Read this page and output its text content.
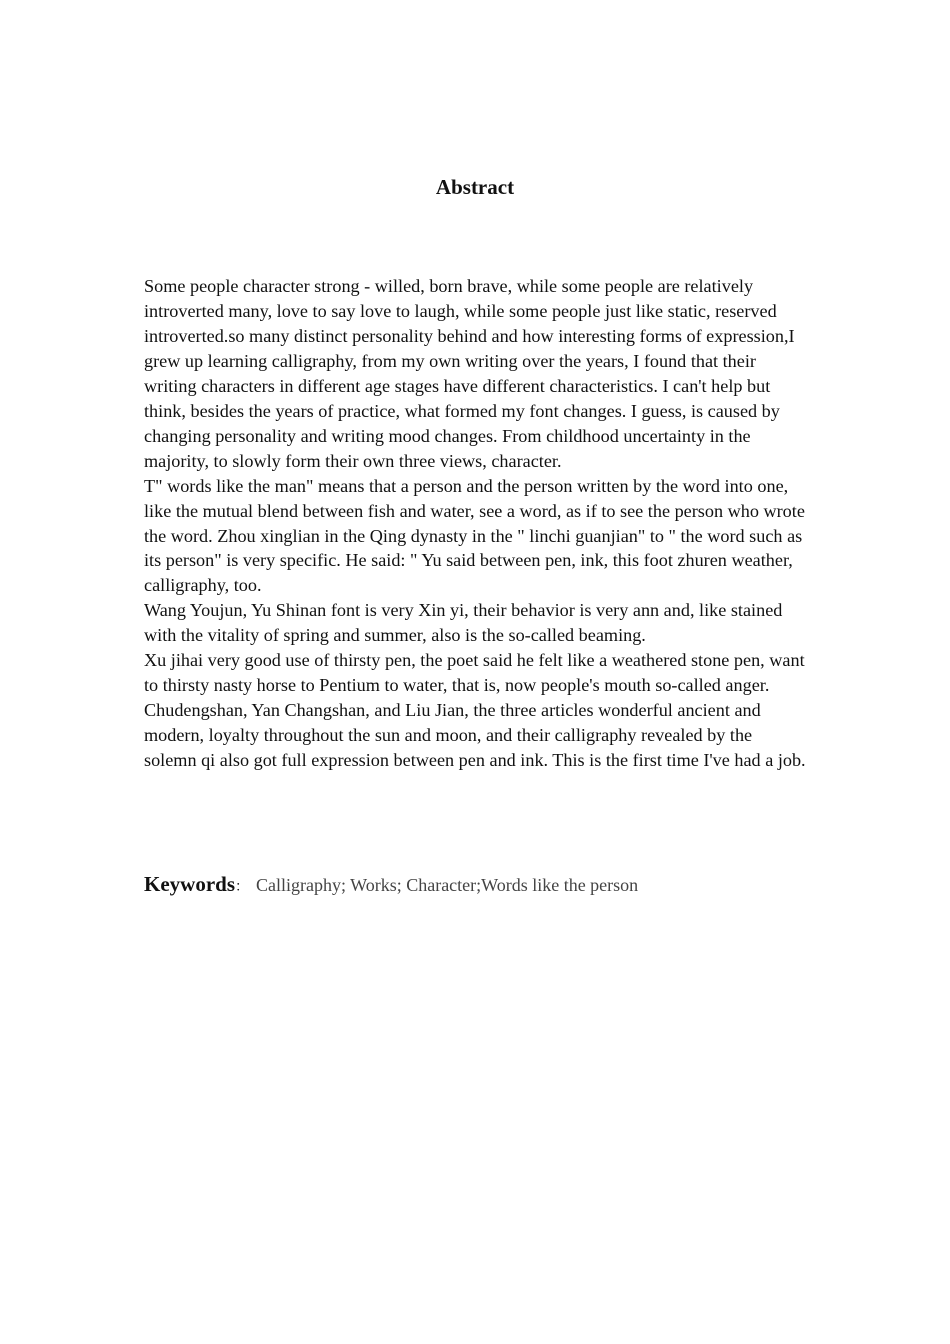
Abstract

Some people character strong - willed, born brave, while some people are relatively introverted many, love to say love to laugh, while some people just like static, reserved introverted.so many distinct personality behind and how interesting forms of expression,I grew up learning calligraphy, from my own writing over the years, I found that their writing characters in different age stages have different characteristics. I can't help but think, besides the years of practice, what formed my font changes. I guess, is caused by changing personality and writing mood changes. From childhood uncertainty in the majority, to slowly form their own three views, character.

T" words like the man" means that a person and the person written by the word into one, like the mutual blend between fish and water, see a word, as if to see the person who wrote the word. Zhou xinglian in the Qing dynasty in the " linchi guanjian" to " the word such as its person" is very specific. He said: " Yu said between pen, ink, this foot zhuren weather, calligraphy, too.

Wang Youjun, Yu Shinan font is very Xin yi, their behavior is very ann and, like stained with the vitality of spring and summer, also is the so-called beaming.

Xu jihai very good use of thirsty pen, the poet said he felt like a weathered stone pen, want to thirsty nasty horse to Pentium to water, that is, now people's mouth so-called anger.

Chudengshan, Yan Changshan, and Liu Jian, the three articles wonderful ancient and modern, loyalty throughout the sun and moon, and their calligraphy revealed by the solemn qi also got full expression between pen and ink. This is the first time I've had a job.

Keywords： Calligraphy; Works; Character;Words like the person
